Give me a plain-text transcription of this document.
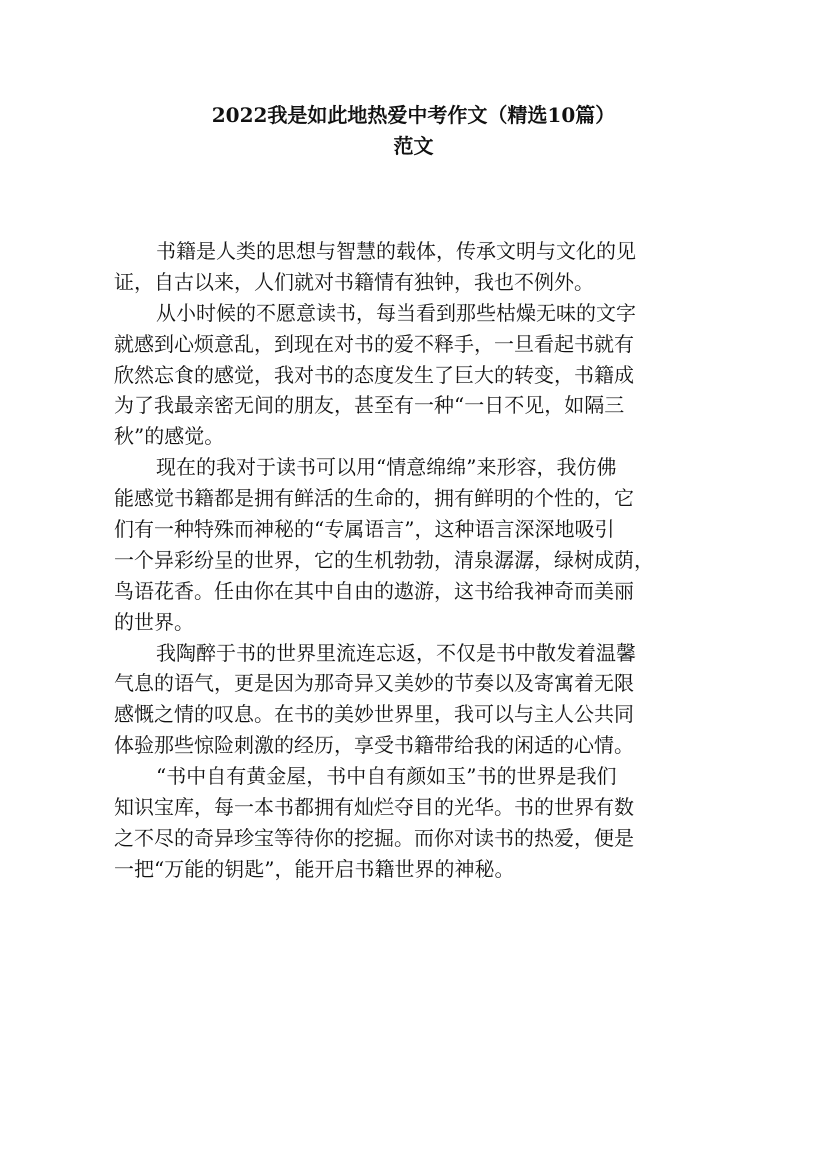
2022我是如此地热爱中考作文（精选10篇）
范文
书籍是人类的思想与智慧的载体，传承文明与文化的见
证，自古以来，人们就对书籍情有独钟，我也不例外。
从小时候的不愿意读书，每当看到那些枯燥无味的文字
就感到心烦意乱，到现在对书的爱不释手，一旦看起书就有
欣然忘食的感觉，我对书的态度发生了巨大的转变，书籍成
为了我最亲密无间的朋友，甚至有一种“一日不见，如隔三
秋”的感觉。
现在的我对于读书可以用“情意绵绵”来形容，我仿佛
能感觉书籍都是拥有鲜活的生命的，拥有鲜明的个性的，它
们有一种特殊而神秘的“专属语言”，这种语言深深地吸引
一个异彩纷呈的世界，它的生机勃勃，清泉潺潺，绿树成荫，
鸟语花香。任由你在其中自由的遨游，这书给我神奇而美丽
的世界。
我陶醉于书的世界里流连忘返，不仅是书中散发着温馨
气息的语气，更是因为那奇异又美妙的节奏以及寄寓着无限
感慨之情的叹息。在书的美妙世界里，我可以与主人公共同
体验那些惊险刺激的经历，享受书籍带给我的闲适的心情。
“书中自有黄金屋，书中自有颜如玉”书的世界是我们
知识宝库，每一本书都拥有灿烂夺目的光华。书的世界有数
之不尽的奇异珍宝等待你的挖掘。而你对读书的热爱，便是
一把“万能的钥匙”，能开启书籍世界的神秘。
